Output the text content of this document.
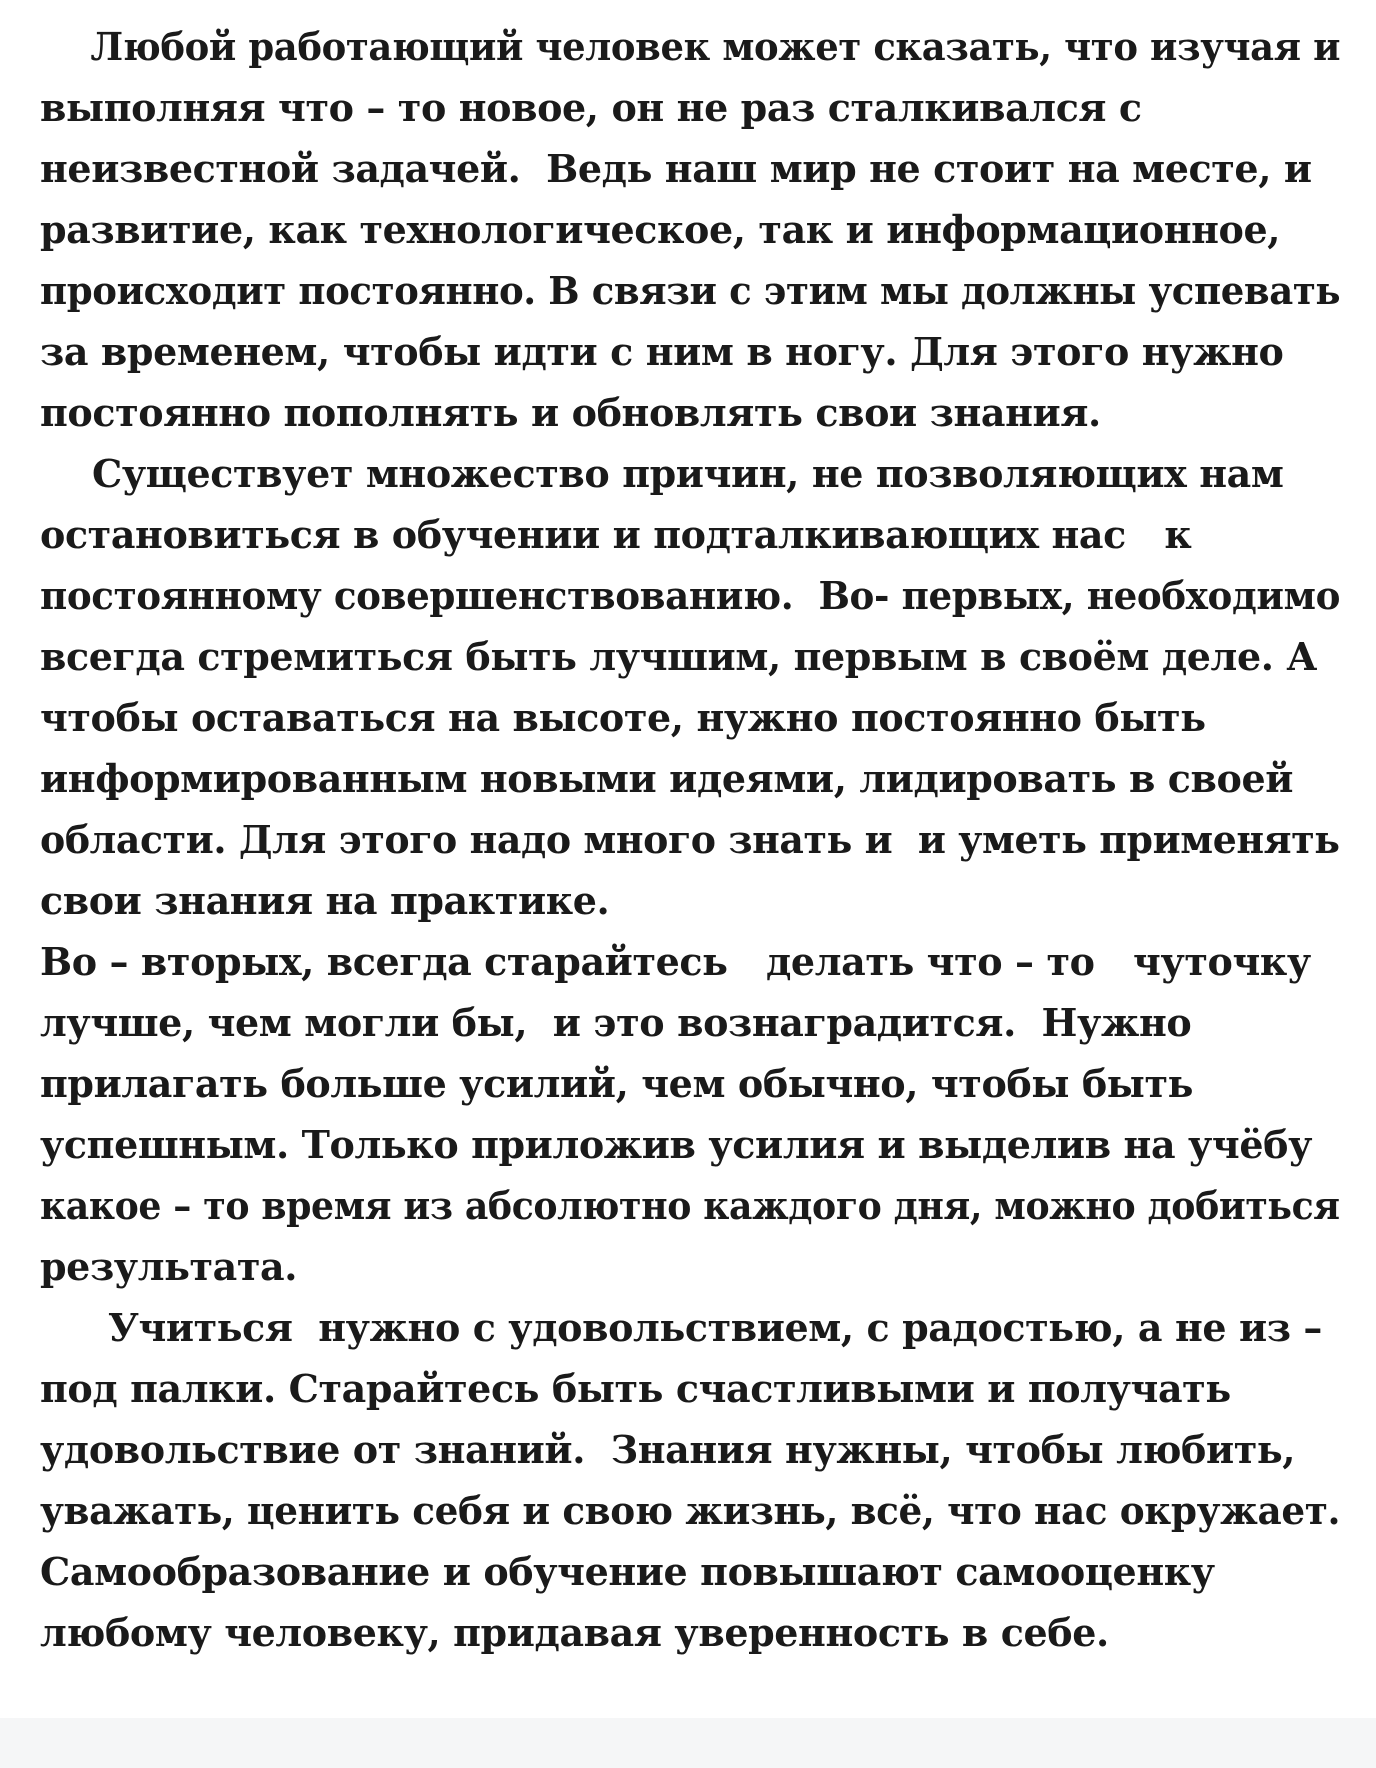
Любой работающий человек может сказать, что изучая и
выполняя что – то новое, он не раз сталкивался с
неизвестной задачей.  Ведь наш мир не стоит на месте, и
развитие, как технологическое, так и информационное,
происходит постоянно. В связи с этим мы должны успевать
за временем, чтобы идти с ним в ногу. Для этого нужно
постоянно пополнять и обновлять свои знания.
Существует множество причин, не позволяющих нам
остановиться в обучении и подталкивающих нас   к
постоянному совершенствованию.  Во- первых, необходимо
всегда стремиться быть лучшим, первым в своём деле. А
чтобы оставаться на высоте, нужно постоянно быть
информированным новыми идеями, лидировать в своей
области. Для этого надо много знать и  и уметь применять
свои знания на практике.
Во – вторых, всегда старайтесь   делать что – то   чуточку
лучше, чем могли бы,  и это вознаградится.  Нужно
прилагать больше усилий, чем обычно, чтобы быть
успешным. Только приложив усилия и выделив на учёбу
какое – то время из абсолютно каждого дня, можно добиться
результата.
Учиться  нужно с удовольствием, с радостью, а не из –
под палки. Старайтесь быть счастливыми и получать
удовольствие от знаний.  Знания нужны, чтобы любить,
уважать, ценить себя и свою жизнь, всё, что нас окружает.
Самообразование и обучение повышают самооценку
любому человеку, придавая уверенность в себе.
